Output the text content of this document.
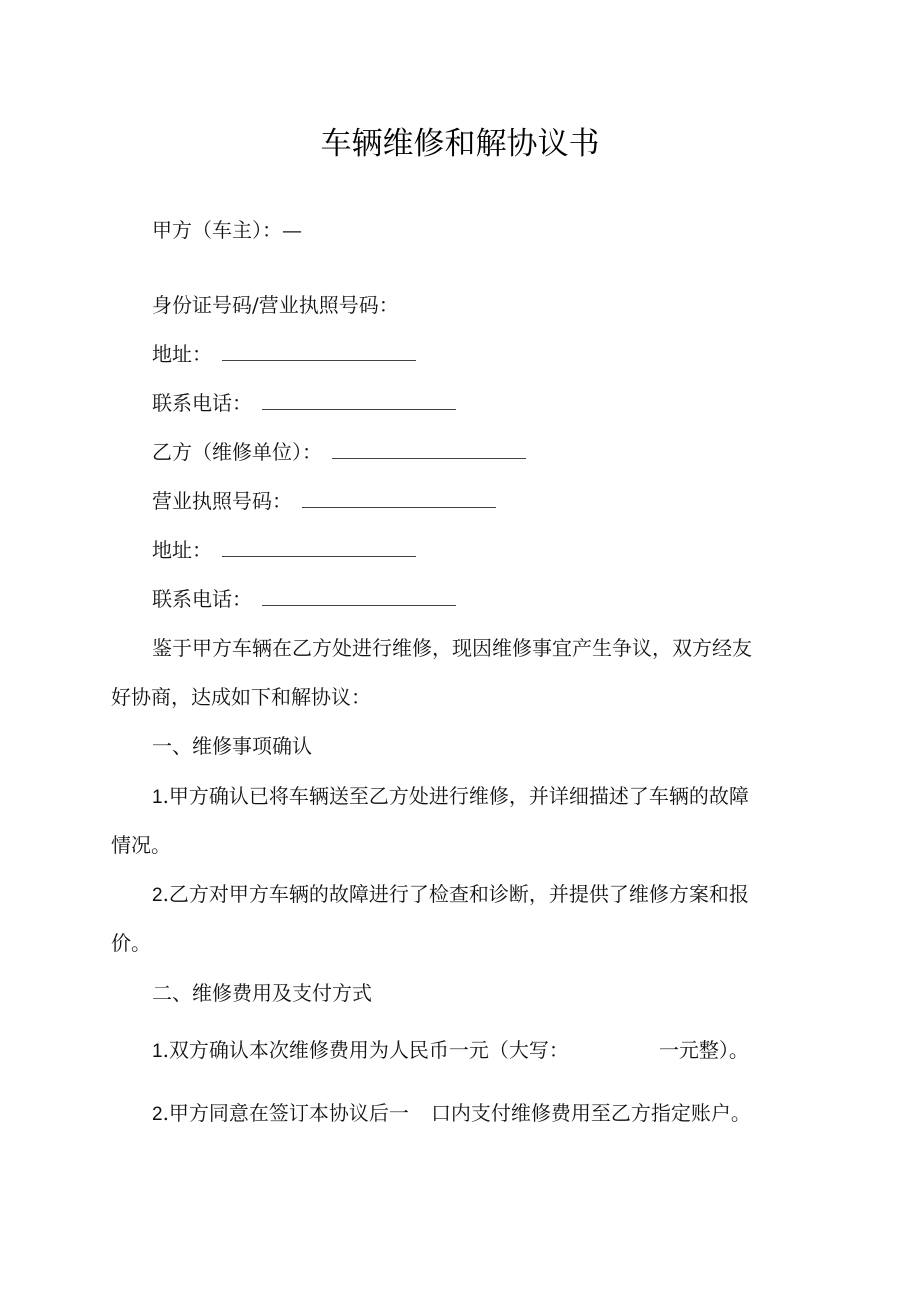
车辆维修和解协议书
甲方（车主）：—
身份证号码/营业执照号码：
地址：
联系电话：
乙方（维修单位）：
营业执照号码：
地址：
联系电话：
鉴于甲方车辆在乙方处进行维修，现因维修事宜产生争议，双方经友
好协商，达成如下和解协议：
一、维修事项确认
1.甲方确认已将车辆送至乙方处进行维修，并详细描述了车辆的故障
情况。
2.乙方对甲方车辆的故障进行了检查和诊断，并提供了维修方案和报
价。
二、维修费用及支付方式
1.双方确认本次维修费用为人民币一元（大写：	一元整）。
2.甲方同意在签订本协议后一 口内支付维修费用至乙方指定账户。
